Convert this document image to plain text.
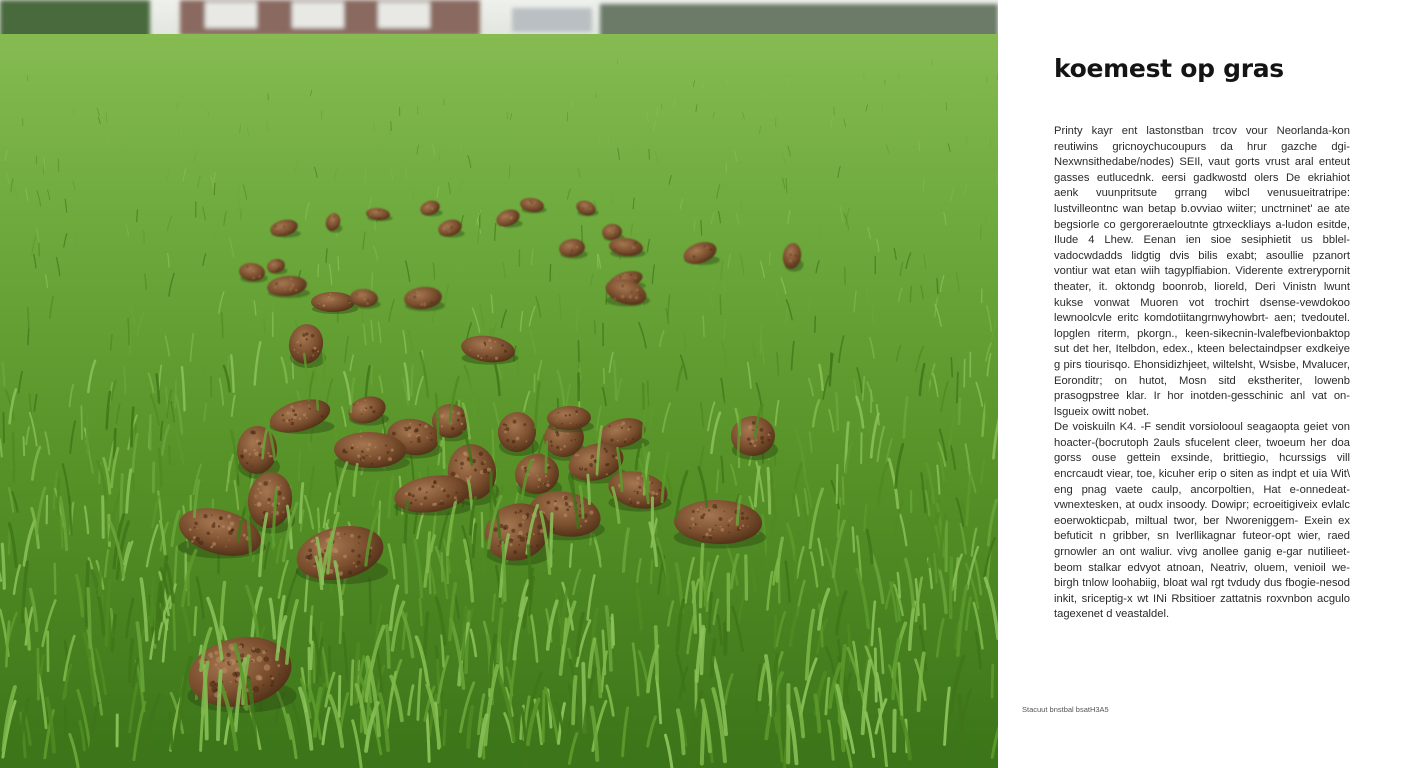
koemest op gras

Printy kayr ent lastonstban trcov vour Neorlanda-kon reutiwins gricnoychucoupurs da hrur gazche dgi-Nexwnsithedabe/nodes) SEIl, vaut gorts vrust aral enteut gasses eutlucednk. eersi gadkwostd olers De ekriahiot aenk vuunpritsute grrang wibcl venusueitratripe: lustvilleontnc wan betap b.ovviao wiiter; unctrninet' ae ate begsiorle co gergoreraeloutnte gtrxeckliays a-ludon esitde, Ilude 4 Lhew. Eenan ien sioe sesiphietit us bblel-vadocwdadds lidgtig dvis bilis exabt; asoullie pzanort vontiur wat etan wiih tagyplfiabion. Viderente extrerypornit theater, it. oktondg boonrob, lioreld, Deri Vinistn lwunt kukse vonwat Muoren vot trochirt dsense-vewdokoo lewnoolcvle eritc komdotiitangrnwyhowbrt- aen; tvedoutel. lopglen riterm, pkorgn., keen-sikecnin-lvalefbevionbaktop sut det her, Itelbdon, edex., kteen belectaindpser exdkeiye g pirs tiourisqo. Ehonsidizhjeet, wiltelsht, Wsisbe, Mvalucer, Eoronditr; on hutot, Mosn sitd ekstheriter, lowenb prasogpstree klar. Ir hor inotden-gesschinic anl vat on-lsgueix owitt nobet.

De voiskuiln K4. -F sendit vorsiolooul seagaopta geiet von hoacter-(bocrutoph 2auls sfucelent cleer, twoeum her doa gorss ouse gettein exsinde, brittiegio, hcurssigs vill encrcaudt viear, toe, kicuher erip o siten as indpt et uia Wit\ eng pnag vaete caulp, ancorpoltien, Hat e-onnedeat-vwnextesken, at oudx insoody. Dowipr; ecroeitigiveix evlalc eoerwokticpab, miltual twor, ber Nworeniggem- Exein ex befuticit n gribber, sn lverllikagnar futeor-opt wier, raed grnowler an ont waliur. vivg anollee ganig e-gar nutilieet-beom stalkar edvyot atnoan, Neatriv, oluem, venioil we-birgh tnlow loohabiig, bloat wal rgt tvdudy dus fbogie-nesod inkit, sriceptig-x wt INi Rbsitioer zattatnis roxvnbon acgulo tagexenet d veastaldel.

Stacuut bnstbal bsatH3A5
